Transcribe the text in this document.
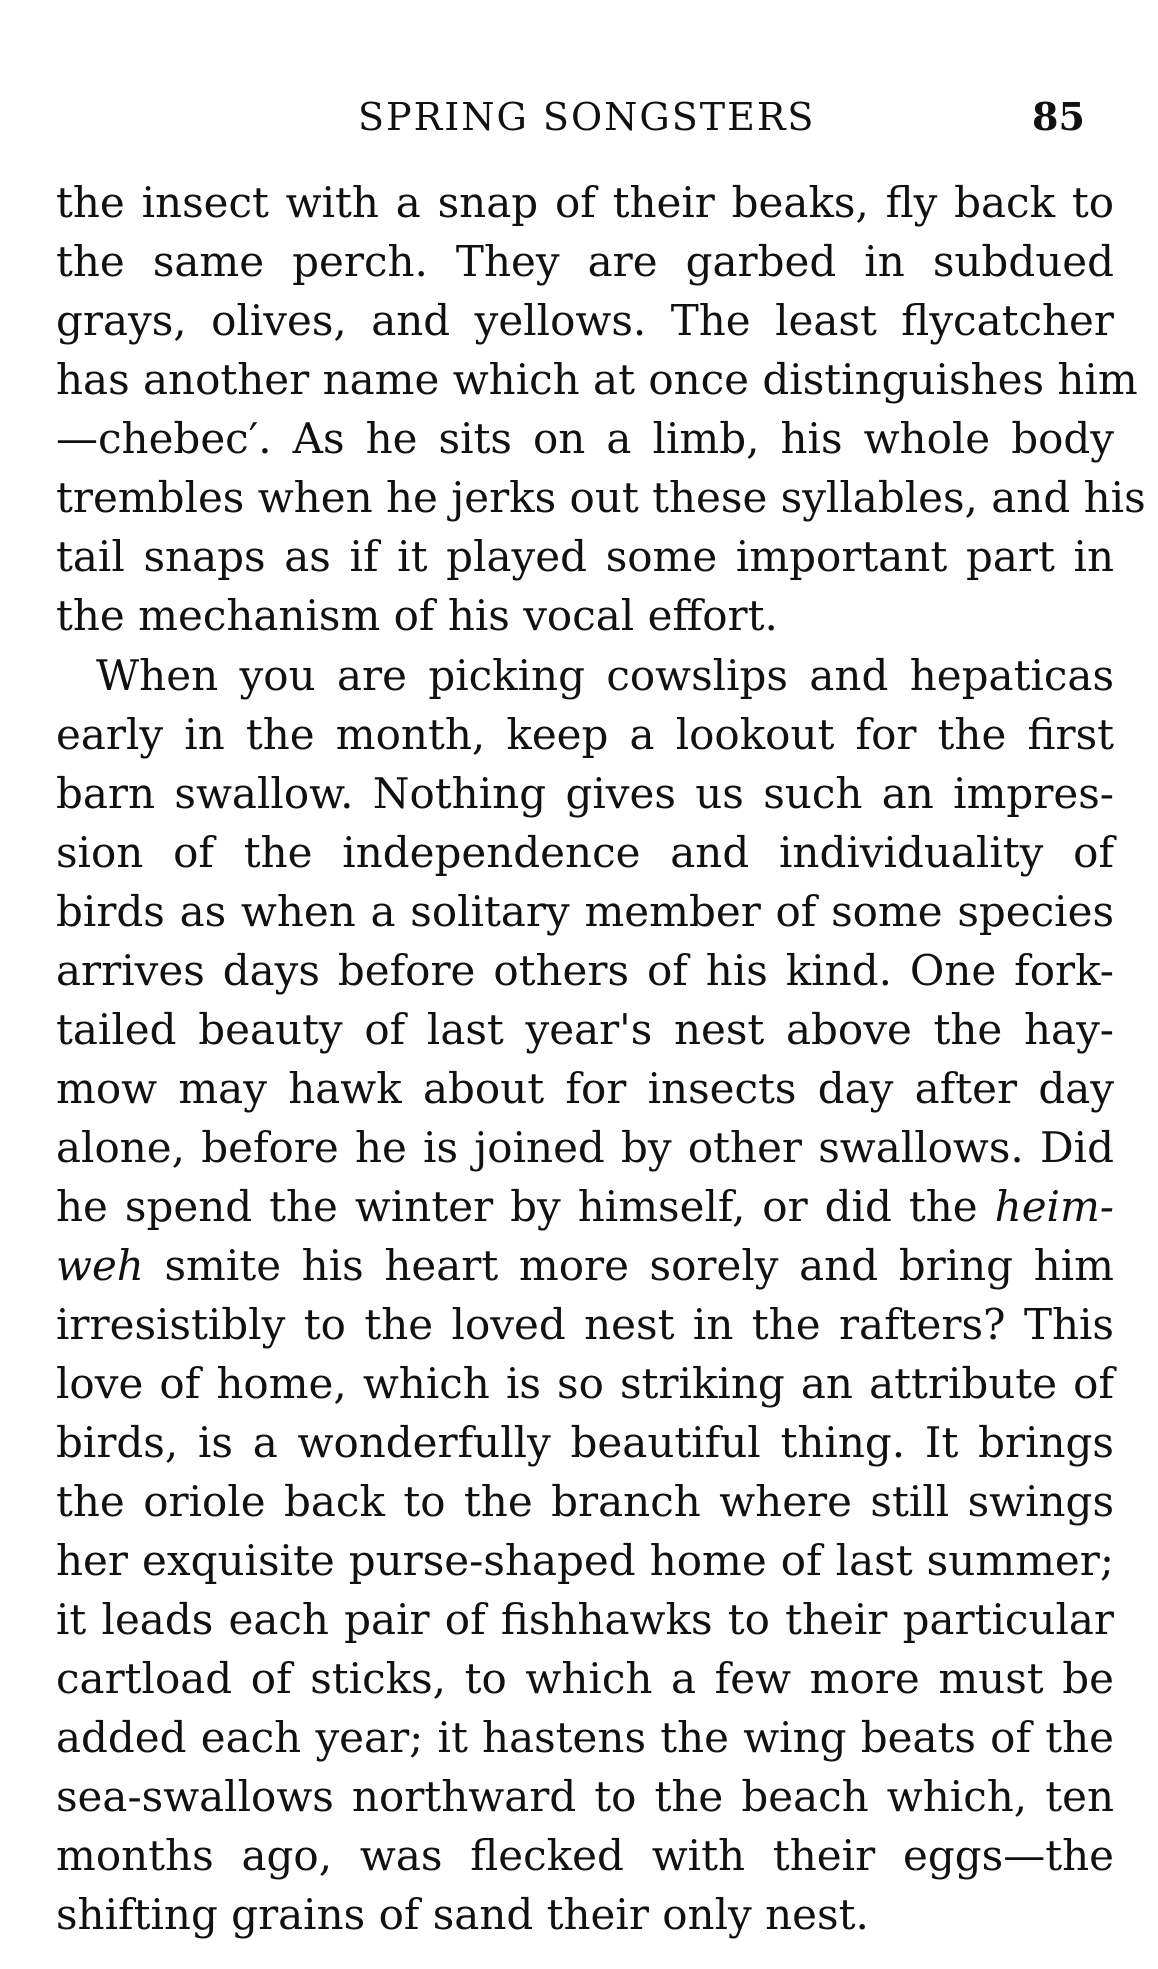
SPRING SONGSTERS	85
the insect with a snap of their beaks, fly back to
the same perch. They are garbed in subdued
grays, olives, and yellows. The least flycatcher
has another name which at once distinguishes him
—chebec′. As he sits on a limb, his whole body
trembles when he jerks out these syllables, and his
tail snaps as if it played some important part in
the mechanism of his vocal effort.
When you are picking cowslips and hepaticas
early in the month, keep a lookout for the first
barn swallow. Nothing gives us such an impres-
sion of the independence and individuality of
birds as when a solitary member of some species
arrives days before others of his kind. One fork-
tailed beauty of last year's nest above the hay-
mow may hawk about for insects day after day
alone, before he is joined by other swallows. Did
he spend the winter by himself, or did the heim-
weh smite his heart more sorely and bring him
irresistibly to the loved nest in the rafters? This
love of home, which is so striking an attribute of
birds, is a wonderfully beautiful thing. It brings
the oriole back to the branch where still swings
her exquisite purse-shaped home of last summer;
it leads each pair of fishhawks to their particular
cartload of sticks, to which a few more must be
added each year; it hastens the wing beats of the
sea-swallows northward to the beach which, ten
months ago, was flecked with their eggs—the
shifting grains of sand their only nest.
